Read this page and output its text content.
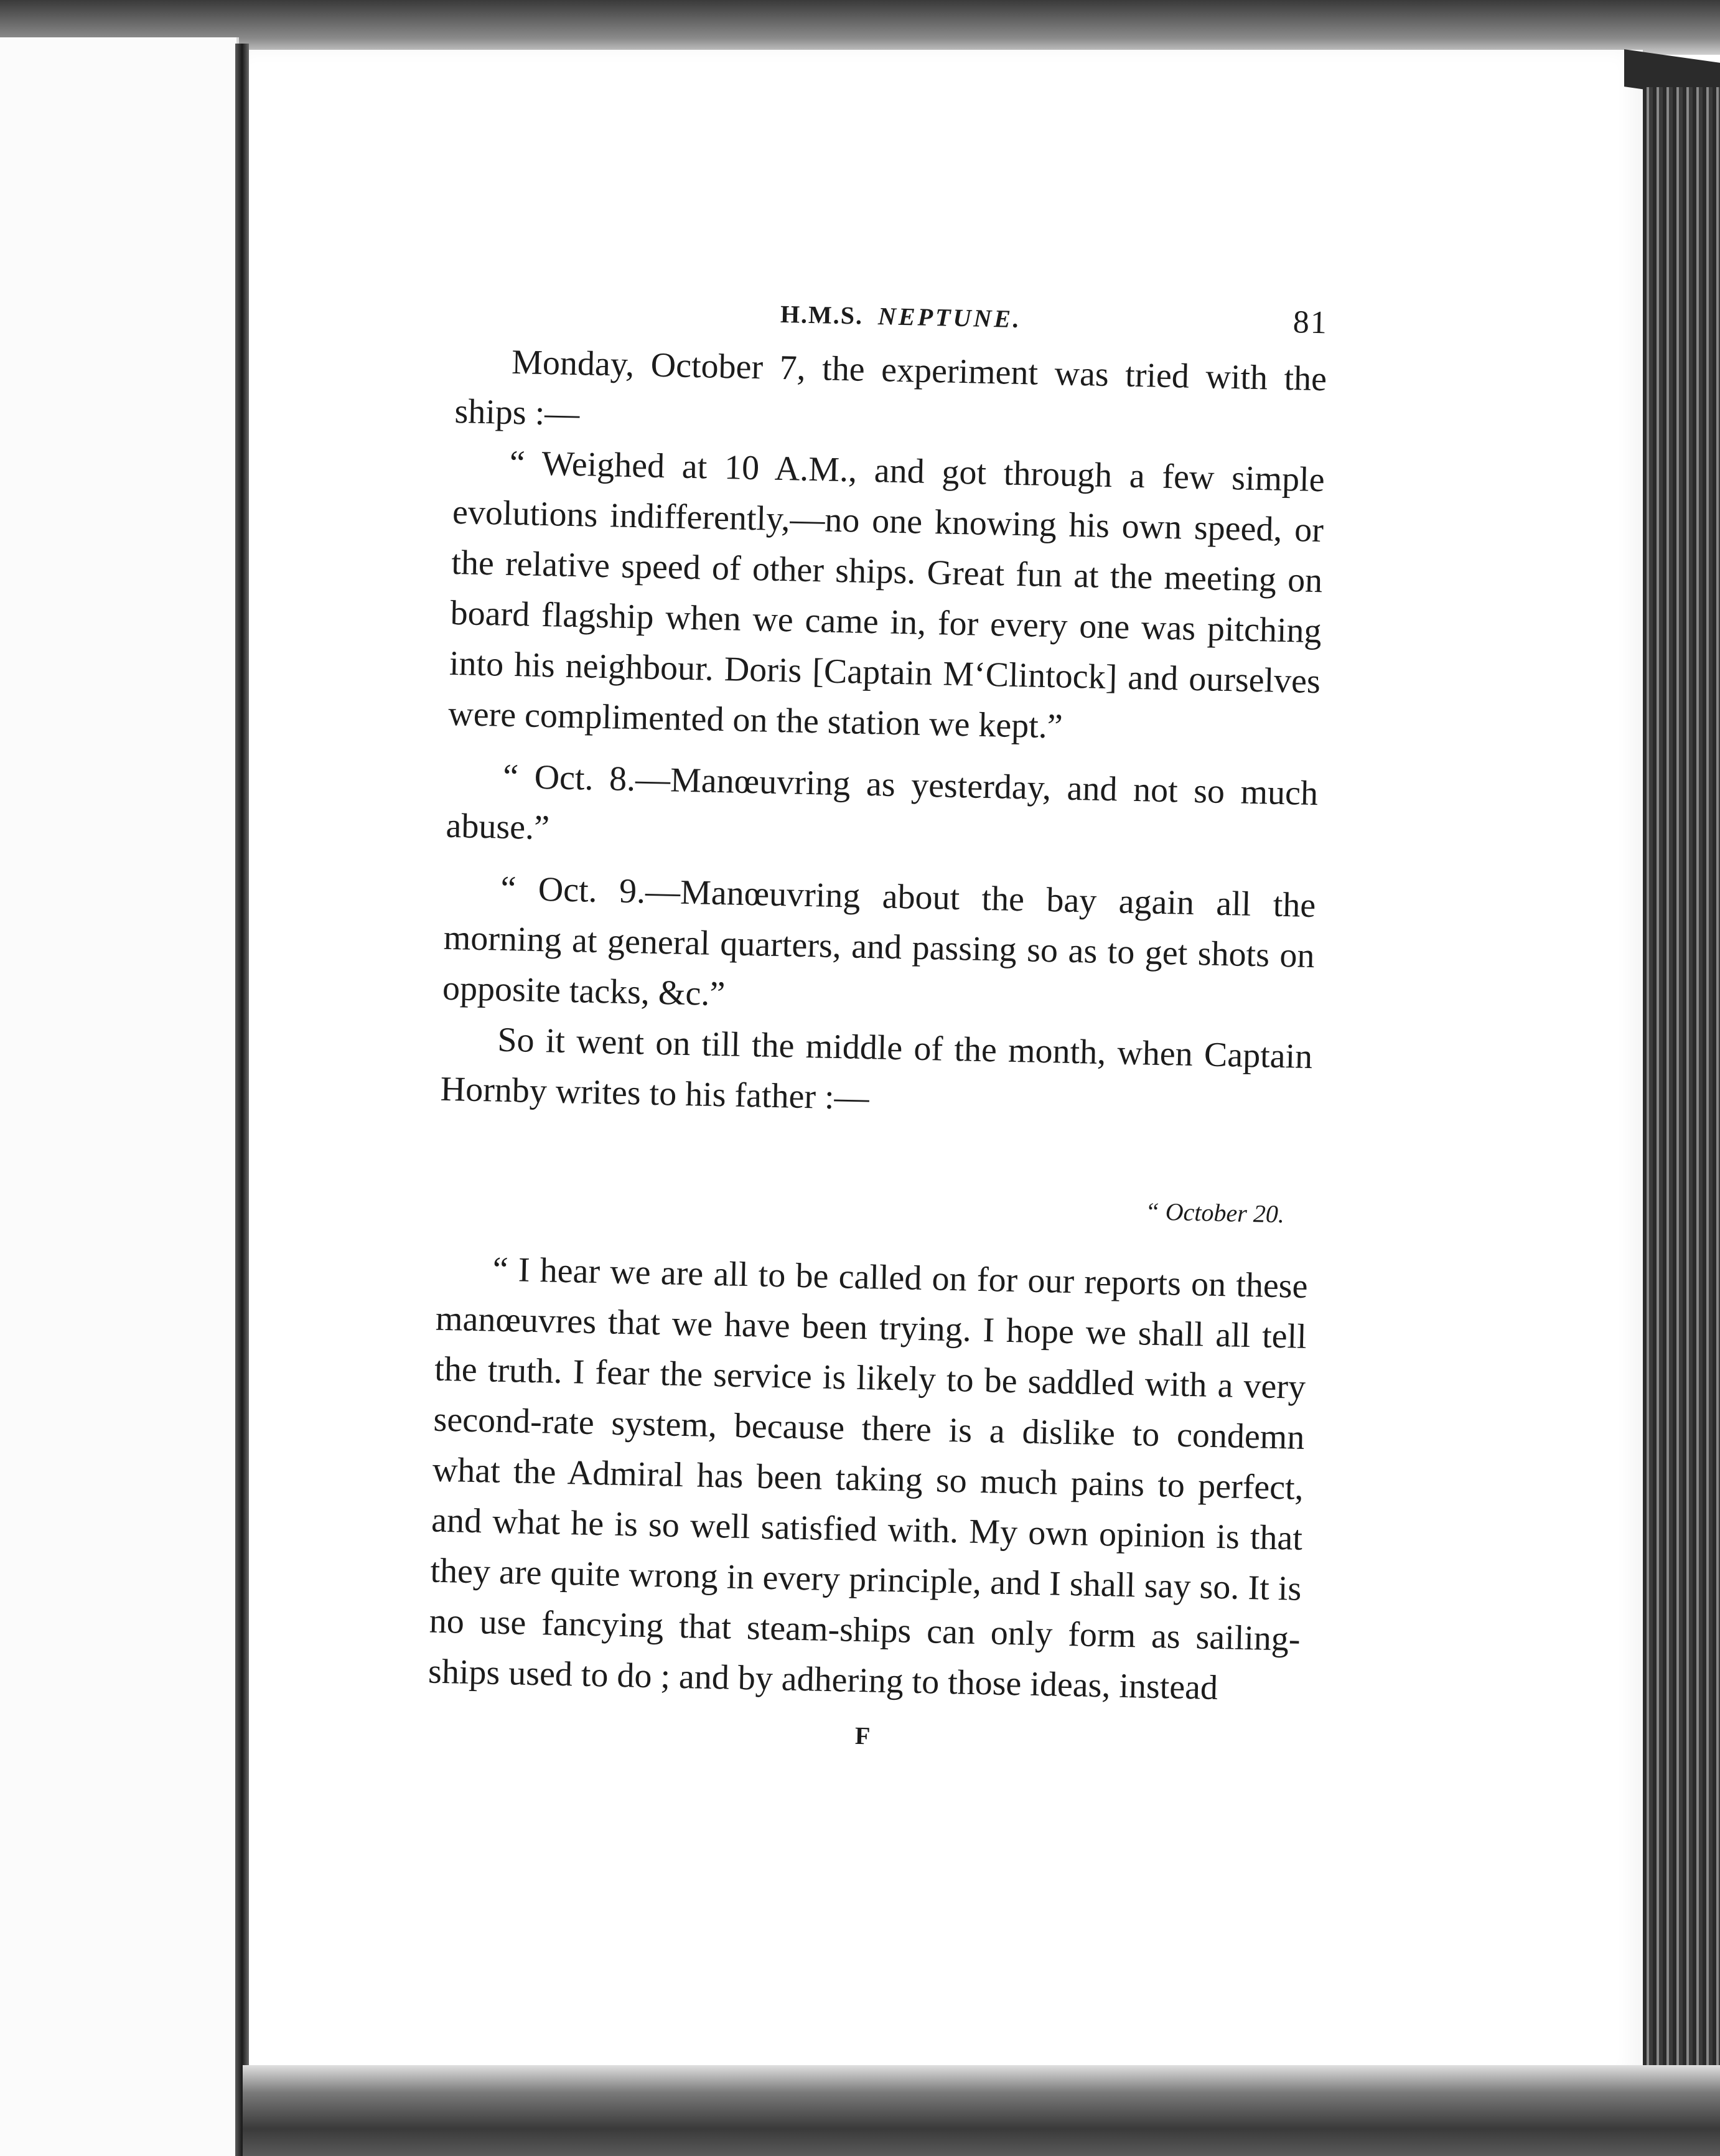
H.M.S. NEPTUNE.	81

Monday, October 7, the experiment was tried with the ships :—

“ Weighed at 10 A.M., and got through a few simple evolutions indifferently,—no one knowing his own speed, or the relative speed of other ships. Great fun at the meeting on board flagship when we came in, for every one was pitching into his neighbour. Doris [Captain M‘Clintock] and ourselves were complimented on the station we kept.”

“ Oct. 8.—Manœuvring as yesterday, and not so much abuse.”

“ Oct. 9.—Manœuvring about the bay again all the morning at general quarters, and passing so as to get shots on opposite tacks, &c.”

So it went on till the middle of the month, when Captain Hornby writes to his father :—

“ October 20.

“ I hear we are all to be called on for our reports on these manœuvres that we have been trying. I hope we shall all tell the truth. I fear the service is likely to be saddled with a very second-rate system, because there is a dislike to condemn what the Admiral has been taking so much pains to perfect, and what he is so well satisfied with. My own opinion is that they are quite wrong in every principle, and I shall say so. It is no use fancying that steam-ships can only form as sailing-ships used to do ; and by adhering to those ideas, instead

F
